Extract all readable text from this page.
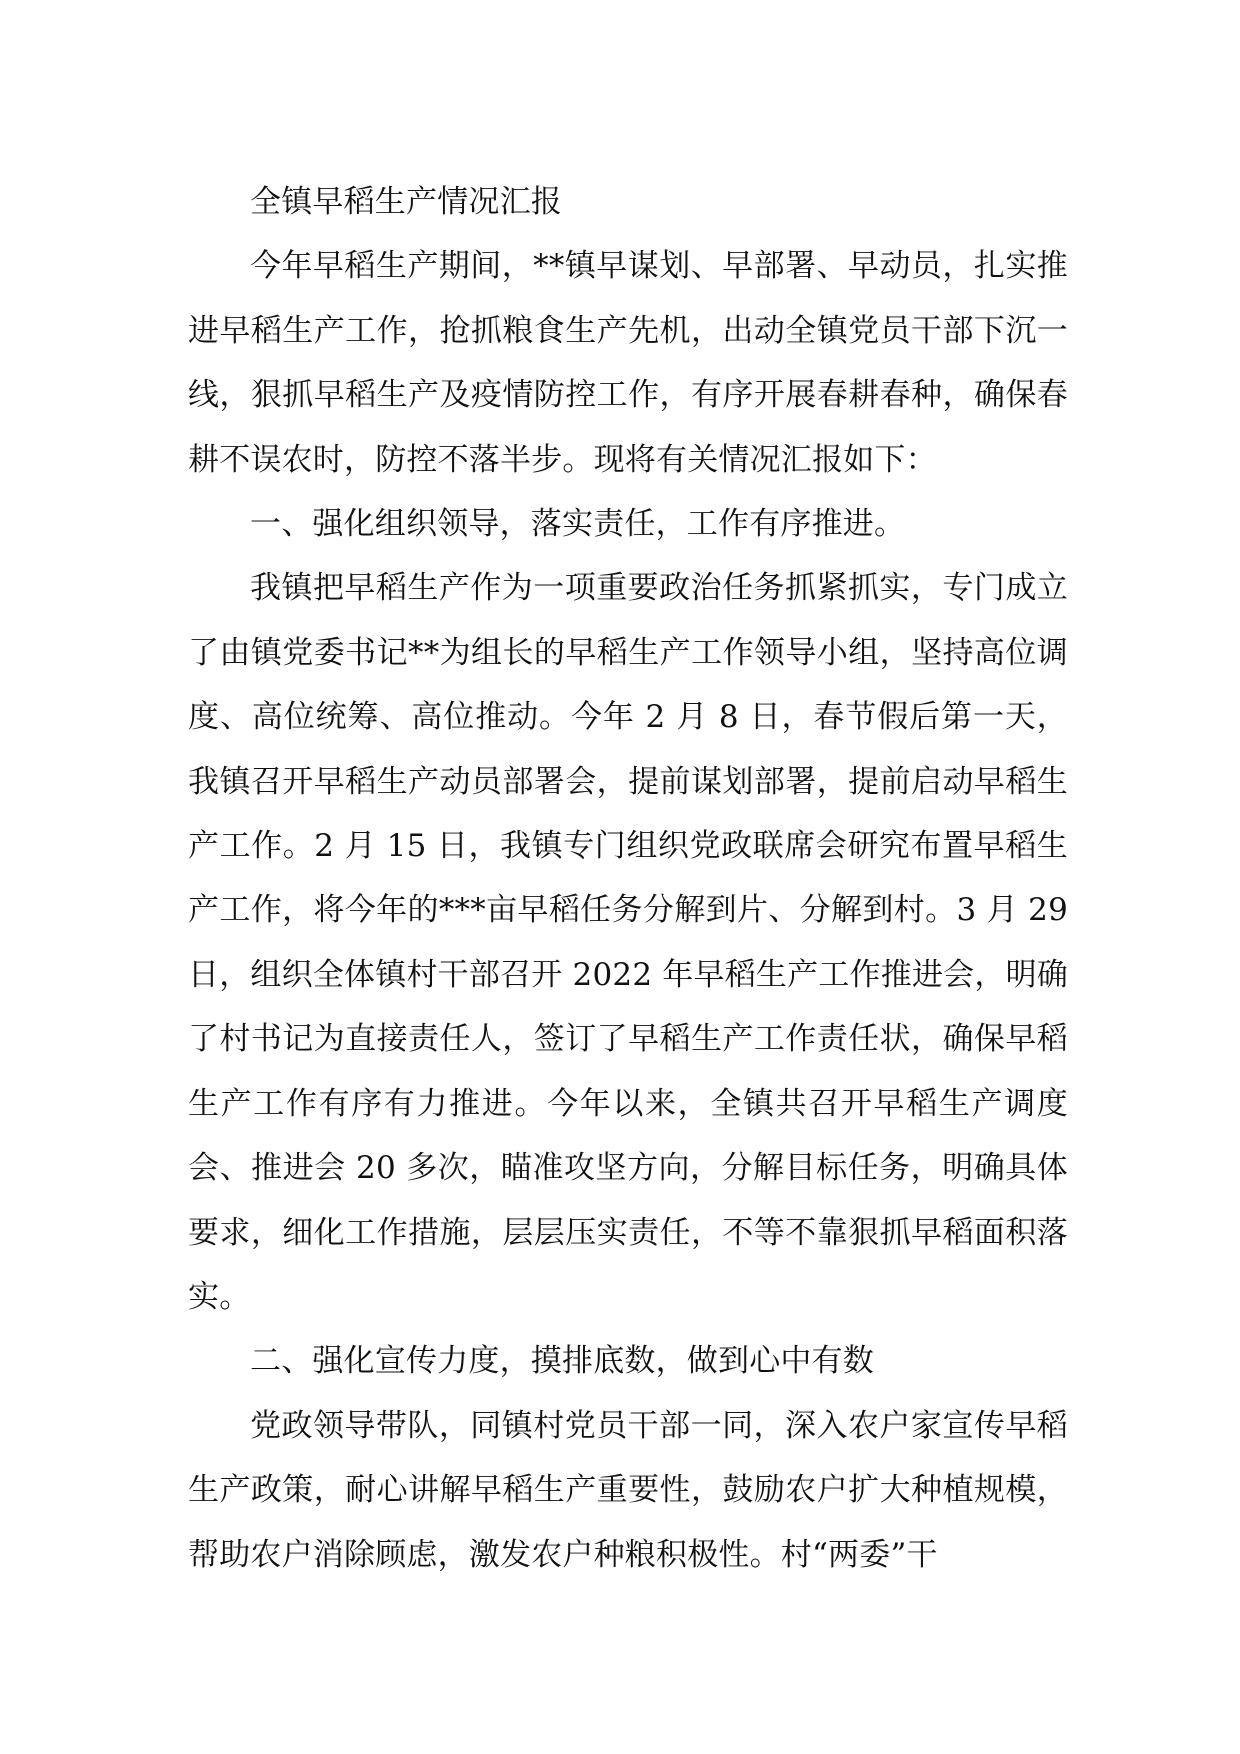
全镇早稻生产情况汇报

今年早稻生产期间，**镇早谋划、早部署、早动员，扎实推进早稻生产工作，抢抓粮食生产先机，出动全镇党员干部下沉一线，狠抓早稻生产及疫情防控工作，有序开展春耕春种，确保春耕不误农时，防控不落半步。现将有关情况汇报如下：

一、强化组织领导，落实责任，工作有序推进。

我镇把早稻生产作为一项重要政治任务抓紧抓实，专门成立了由镇党委书记**为组长的早稻生产工作领导小组，坚持高位调度、高位统筹、高位推动。今年 2 月 8 日，春节假后第一天，我镇召开早稻生产动员部署会，提前谋划部署，提前启动早稻生产工作。2 月 15 日，我镇专门组织党政联席会研究布置早稻生产工作，将今年的***亩早稻任务分解到片、分解到村。3 月 29 日，组织全体镇村干部召开 2022 年早稻生产工作推进会，明确了村书记为直接责任人，签订了早稻生产工作责任状，确保早稻生产工作有序有力推进。今年以来，全镇共召开早稻生产调度会、推进会 20 多次，瞄准攻坚方向，分解目标任务，明确具体要求，细化工作措施，层层压实责任，不等不靠狠抓早稻面积落实。

二、强化宣传力度，摸排底数，做到心中有数

党政领导带队，同镇村党员干部一同，深入农户家宣传早稻生产政策，耐心讲解早稻生产重要性，鼓励农户扩大种植规模，帮助农户消除顾虑，激发农户种粮积极性。村“两委”干
